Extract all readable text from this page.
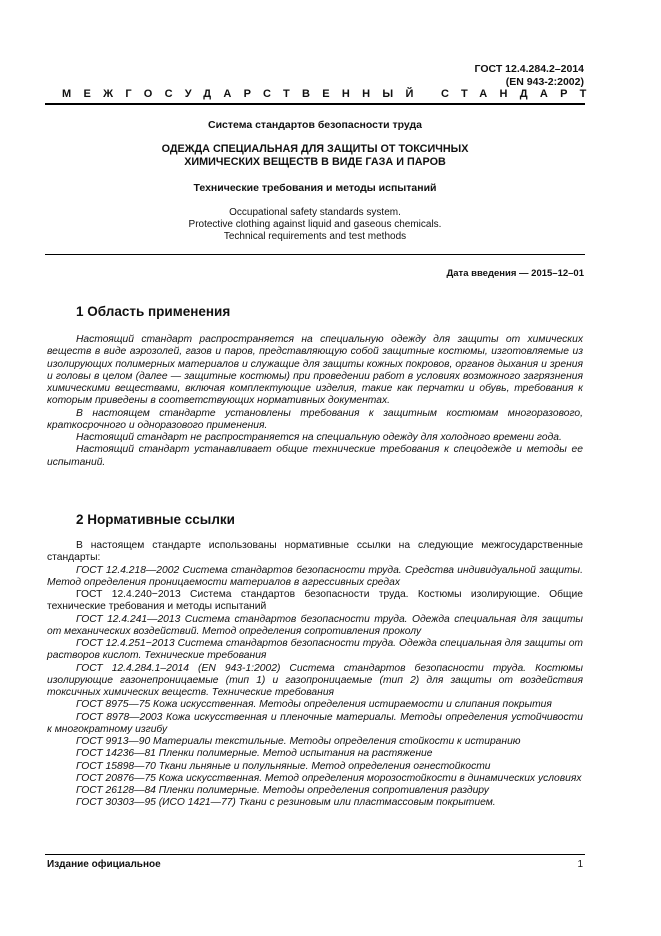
ГОСТ 12.4.284.2–2014
(EN 943-2:2002)
МЕЖГОСУДАРСТВЕННЫЙ СТАНДАРТ
Система стандартов безопасности труда
ОДЕЖДА СПЕЦИАЛЬНАЯ ДЛЯ ЗАЩИТЫ ОТ ТОКСИЧНЫХ
ХИМИЧЕСКИХ ВЕЩЕСТВ В ВИДЕ ГАЗА И ПАРОВ
Технические требования и методы испытаний
Occupational safety standards system.
Protective clothing against liquid and gaseous chemicals.
Technical requirements and test methods
Дата введения — 2015–12–01
1 Область применения

Настоящий стандарт распространяется на специальную одежду для защиты от химических веществ в виде аэрозолей, газов и паров, представляющую собой защитные костюмы, изготовляемые из изолирующих полимерных материалов и служащие для защиты кожных покровов, органов дыхания и зрения и головы в целом (далее — защитные костюмы) при проведении работ в условиях возможного загрязнения химическими веществами, включая комплектующие изделия, такие как перчатки и обувь, требования к которым приведены в соответствующих нормативных документах.

В настоящем стандарте установлены требования к защитным костюмам многоразового, краткосрочного и одноразового применения.

Настоящий стандарт не распространяется на специальную одежду для холодного времени года.

Настоящий стандарт устанавливает общие технические требования к спецодежде и методы ее испытаний.

2 Нормативные ссылки

В настоящем стандарте использованы нормативные ссылки на следующие межгосударственные стандарты:

ГОСТ 12.4.218—2002 Система стандартов безопасности труда. Средства индивидуальной защиты. Метод определения проницаемости материалов в агрессивных средах

ГОСТ 12.4.240−2013 Система стандартов безопасности труда. Костюмы изолирующие. Общие технические требования и методы испытаний

ГОСТ 12.4.241—2013 Система стандартов безопасности труда. Одежда специальная для защиты от механических воздействий. Метод определения сопротивления проколу

ГОСТ 12.4.251−2013 Система стандартов безопасности труда. Одежда специальная для защиты от растворов кислот. Технические требования

ГОСТ 12.4.284.1–2014 (EN 943-1:2002) Система стандартов безопасности труда. Костюмы изолирующие газонепроницаемые (тип 1) и газопроницаемые (тип 2) для защиты от воздействия токсичных химических веществ. Технические требования

ГОСТ 8975—75 Кожа искусственная. Методы определения истираемости и слипания покрытия

ГОСТ 8978—2003 Кожа искусственная и пленочные материалы. Методы определения устойчивости к многократному изгибу

ГОСТ 9913—90 Материалы текстильные. Методы определения стойкости к истиранию

ГОСТ 14236—81 Пленки полимерные. Метод испытания на растяжение

ГОСТ 15898—70 Ткани льняные и полульняные. Метод определения огнестойкости

ГОСТ 20876—75 Кожа искусственная. Метод определения морозостойкости в динамических условиях

ГОСТ 26128—84 Пленки полимерные. Методы определения сопротивления раздиру

ГОСТ 30303—95 (ИСО 1421—77) Ткани с резиновым или пластмассовым покрытием.

Издание официальное	1
